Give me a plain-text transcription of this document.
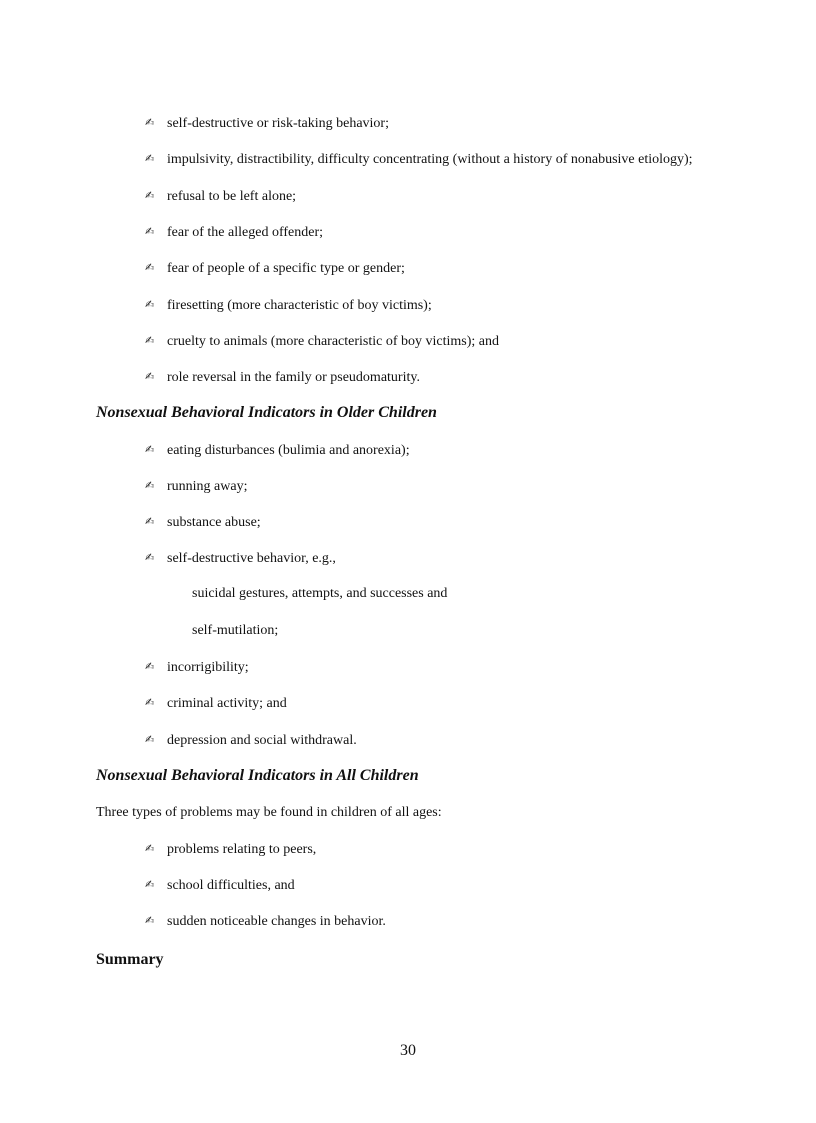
✍ self-destructive or risk-taking behavior;
✍ impulsivity, distractibility, difficulty concentrating (without a history of nonabusive etiology);
✍ refusal to be left alone;
✍ fear of the alleged offender;
✍ fear of people of a specific type or gender;
✍ firesetting (more characteristic of boy victims);
✍ cruelty to animals (more characteristic of boy victims); and
✍ role reversal in the family or pseudomaturity.
Nonsexual Behavioral Indicators in Older Children
✍ eating disturbances (bulimia and anorexia);
✍ running away;
✍ substance abuse;
✍ self-destructive behavior, e.g.,
suicidal gestures, attempts, and successes and
self-mutilation;
✍ incorrigibility;
✍ criminal activity; and
✍ depression and social withdrawal.
Nonsexual Behavioral Indicators in All Children
Three types of problems may be found in children of all ages:
✍ problems relating to peers,
✍ school difficulties, and
✍ sudden noticeable changes in behavior.
Summary
30
